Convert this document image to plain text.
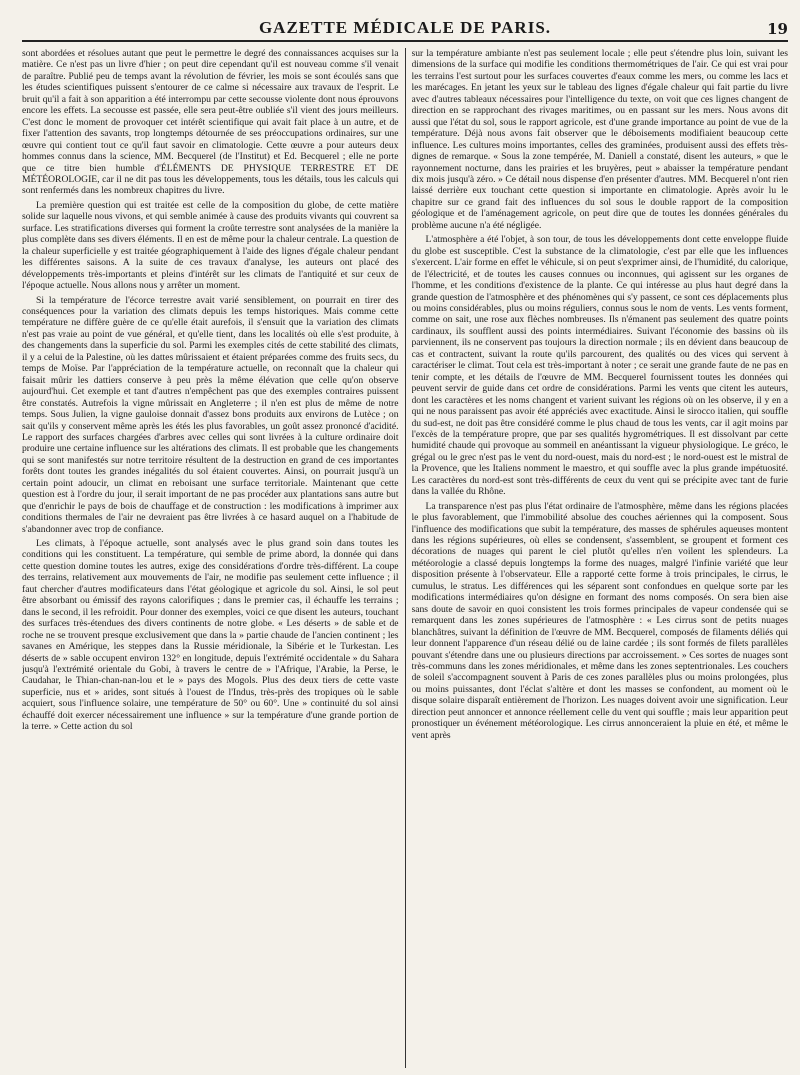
GAZETTE MÉDICALE DE PARIS.	19

sont abordées et résolues autant que peut le permettre le degré des connaissances acquises sur la matière. Ce n'est pas un livre d'hier ; on peut dire cependant qu'il est nouveau comme s'il venait de paraître. Publié peu de temps avant la révolution de février, les mois se sont écoulés sans que les études scientifiques puissent s'entourer de ce calme si nécessaire aux travaux de l'esprit. Le bruit qu'il a fait à son apparition a été interrompu par cette secousse violente dont nous éprouvons encore les effets. La secousse est passée, elle sera peut-être oubliée s'il vient des jours meilleurs. C'est donc le moment de provoquer cet intérêt scientifique qui avait fait place à un autre, et de fixer l'attention des savants, trop longtemps détournée de ses préoccupations ordinaires, sur une œuvre qui contient tout ce qu'il faut savoir en climatologie. Cette œuvre a pour auteurs deux hommes connus dans la science, MM. Becquerel (de l'Institut) et Ed. Becquerel ; elle ne porte que ce titre bien humble d'ÉLÉMENTS DE PHYSIQUE TERRESTRE ET DE MÉTÉOROLOGIE, car il ne dit pas tous les développements, tous les détails, tous les calculs qui sont renfermés dans les nombreux chapitres du livre.

La première question qui est traitée est celle de la composition du globe, de cette matière solide sur laquelle nous vivons, et qui semble animée à cause des produits vivants qui couvrent sa surface. Les stratifications diverses qui forment la croûte terrestre sont analysées de la manière la plus complète dans ses divers éléments. Il en est de même pour la chaleur centrale. La question de la chaleur superficielle y est traitée géographiquement à l'aide des lignes d'égale chaleur pendant les différentes saisons. A la suite de ces travaux d'analyse, les auteurs ont placé des développements très-importants et pleins d'intérêt sur les climats de l'antiquité et sur ceux de l'époque actuelle. Nous allons nous y arrêter un moment.

Si la température de l'écorce terrestre avait varié sensiblement, on pourrait en tirer des conséquences pour la variation des climats depuis les temps historiques. Mais comme cette température ne diffère guère de ce qu'elle était aurefois, il s'ensuit que la variation des climats n'est pas vraie au point de vue général, et qu'elle tient, dans les localités où elle s'est produite, à des changements dans la superficie du sol. Parmi les exemples cités de cette stabilité des climats, il y a celui de la Palestine, où les dattes mûrissaient et étaient préparées comme des fruits secs, du temps de Moïse. Par l'appréciation de la température actuelle, on reconnaît que la chaleur qui faisait mûrir les dattiers conserve à peu près la même élévation que celle qu'on observe aujourd'hui. Cet exemple et tant d'autres n'empêchent pas que des exemples contraires puissent être constatés. Autrefois la vigne mûrissait en Angleterre ; il n'en est plus de même de notre temps. Sous Julien, la vigne gauloise donnait d'assez bons produits aux environs de Lutèce ; on sait qu'ils y conservent même après les étés les plus favorables, un goût assez prononcé d'acidité. Le rapport des surfaces chargées d'arbres avec celles qui sont livrées à la culture ordinaire doit produire une certaine influence sur les altérations des climats. Il est probable que les changements qui se sont manifestés sur notre territoire résultent de la destruction en grand de ces importantes forêts dont toutes les grandes inégalités du sol étaient couvertes. Ainsi, on pourrait jusqu'à un certain point adoucir, un climat en reboisant une surface territoriale. Maintenant que cette question est à l'ordre du jour, il serait important de ne pas procéder aux plantations sans autre but que d'enrichir le pays de bois de chauffage et de construction : les modifications à imprimer aux conditions thermales de l'air ne devraient pas être livrées à ce hasard auquel on a l'habitude de s'abandonner avec trop de confiance.

Les climats, à l'époque actuelle, sont analysés avec le plus grand soin dans toutes les conditions qui les constituent. La température, qui semble de prime abord, la donnée qui dans cette question domine toutes les autres, exige des considérations d'ordre très-différent. La coupe des terrains, relativement aux mouvements de l'air, ne modifie pas seulement cette influence ; il faut chercher d'autres modificateurs dans l'état géologique et agricole du sol. Ainsi, le sol peut être absorbant ou émissif des rayons calorifiques ; dans le premier cas, il échauffe les terrains ; dans le second, il les refroidit. Pour donner des exemples, voici ce que disent les auteurs, touchant des surfaces très-étendues des divers continents de notre globe. « Les déserts » de sable et de roche ne se trouvent presque exclusivement que dans la » partie chaude de l'ancien continent ; les savanes en Amérique, les steppes dans la Russie méridionale, la Sibérie et le Turkestan. Les déserts de » sable occupent environ 132° en longitude, depuis l'extrémité occidentale » du Sahara jusqu'à l'extrémité orientale du Gobi, à travers le centre de » l'Afrique, l'Arabie, la Perse, le Caudahar, le Thian-chan-nan-lou et le » pays des Mogols. Plus des deux tiers de cette vaste superficie, nus et » arides, sont situés à l'ouest de l'Indus, très-près des tropiques où le sable acquiert, sous l'influence solaire, une température de 50° ou 60°. Une » continuité du sol ainsi échauffé doit exercer nécessairement une influence » sur la température d'une grande portion de la terre. » Cette action du sol

sur la température ambiante n'est pas seulement locale ; elle peut s'étendre plus loin, suivant les dimensions de la surface qui modifie les conditions thermométriques de l'air. Ce qui est vrai pour les terrains l'est surtout pour les surfaces couvertes d'eaux comme les mers, ou comme les lacs et les marécages. En jetant les yeux sur le tableau des lignes d'égale chaleur qui fait partie du livre avec d'autres tableaux nécessaires pour l'intelligence du texte, on voit que ces lignes changent de direction en se rapprochant des rivages maritimes, ou en passant sur les mers. Nous avons dit aussi que l'état du sol, sous le rapport agricole, est d'une grande importance au point de vue de la température. Déjà nous avons fait observer que le déboisements modifiaient beaucoup cette influence. Les cultures moins importantes, celles des graminées, produisent aussi des effets très-dignes de remarque. « Sous la zone tempérée, M. Daniell a constaté, disent les auteurs, » que le rayonnement nocturne, dans les prairies et les bruyères, peut » abaisser la température pendant dix mois jusqu'à zéro. » Ce détail nous dispense d'en présenter d'autres. MM. Becquerel n'ont rien laissé derrière eux touchant cette question si importante en climatologie. Après avoir lu le chapitre sur ce grand fait des influences du sol sous le double rapport de la composition géologique et de l'aménagement agricole, on peut dire que de toutes les données générales du problème aucune n'a été négligée.

L'atmosphère a été l'objet, à son tour, de tous les développements dont cette enveloppe fluide du globe est susceptible. C'est la substance de la climatologie, c'est par elle que les influences s'exercent. L'air forme en effet le véhicule, si on peut s'exprimer ainsi, de l'humidité, du calorique, de l'électricité, et de toutes les causes connues ou inconnues, qui agissent sur les organes de l'homme, et les conditions d'existence de la plante. Ce qui intéresse au plus haut degré dans la grande question de l'atmosphère et des phénomènes qui s'y passent, ce sont ces déplacements plus ou moins considérables, plus ou moins réguliers, connus sous le nom de vents. Les vents forment, comme on sait, une rose aux flèches nombreuses. Ils n'émanent pas seulement des quatre points cardinaux, ils soufflent aussi des points intermédiaires. Suivant l'économie des bassins où ils parviennent, ils ne conservent pas toujours la direction normale ; ils en dévient dans beaucoup de cas et contractent, suivant la route qu'ils parcourent, des qualités ou des vices qui servent à caractériser le climat. Tout cela est très-important à noter ; ce serait une grande faute de ne pas en tenir compte, et les détails de l'œuvre de MM. Becquerel fournissent toutes les données qui peuvent servir de guide dans cet ordre de considérations. Parmi les vents que citent les auteurs, dont les caractères et les noms changent et varient suivant les régions où on les observe, il y en a qui ne nous paraissent pas avoir été appréciés avec exactitude. Ainsi le sirocco italien, qui souffle du sud-est, ne doit pas être considéré comme le plus chaud de tous les vents, car il agit moins par l'excès de la température propre, que par ses qualités hygrométriques. Il est dissolvant par cette humidité chaude qui provoque au sommeil en anéantissant la vigueur physiologique. Le gréco, le grégal ou le grec n'est pas le vent du nord-ouest, mais du nord-est ; le nord-ouest est le mistral de la Provence, que les Italiens nomment le maestro, et qui souffle avec la plus grande impétuosité. Les caractères du nord-est sont très-différents de ceux du vent qui se précipite avec tant de furie dans la vallée du Rhône.

La transparence n'est pas plus l'état ordinaire de l'atmosphère, même dans les régions placées le plus favorablement, que l'immobilité absolue des couches aériennes qui la composent. Sous l'influence des modifications que subit la température, des masses de sphérules aqueuses montent dans les régions supérieures, où elles se condensent, s'assemblent, se groupent et forment ces décorations de nuages qui parent le ciel plutôt qu'elles n'en voilent les splendeurs. La météorologie a classé depuis longtemps la forme des nuages, malgré l'infinie variété que leur disposition présente à l'observateur. Elle a rapporté cette forme à trois principales, le cirrus, le cumulus, le stratus. Les différences qui les séparent sont confondues en quelque sorte par les modifications intermédiaires qu'on désigne en formant des noms composés. On sera bien aise sans doute de savoir en quoi consistent les trois formes principales de vapeur condensée qui se remarquent dans les zones supérieures de l'atmosphère : « Les cirrus sont de petits nuages blanchâtres, suivant la définition de l'œuvre de MM. Becquerel, composés de filaments déliés qui leur donnent l'apparence d'un réseau délié ou de laine cardée ; ils sont formés de filets parallèles pouvant s'étendre dans une ou plusieurs directions par accroissement. » Ces sortes de nuages sont très-communs dans les zones méridionales, et même dans les zones septentrionales. Les couchers de soleil s'accompagnent souvent à Paris de ces zones parallèles plus ou moins prolongées, plus ou moins puissantes, dont l'éclat s'altère et dont les masses se confondent, au moment où le disque solaire disparaît entièrement de l'horizon. Les nuages doivent avoir une signification. Leur direction peut annoncer et annonce réellement celle du vent qui souffle ; mais leur apparition peut pronostiquer un événement météorologique. Les cirrus annonceraient la pluie en été, et même le vent après
